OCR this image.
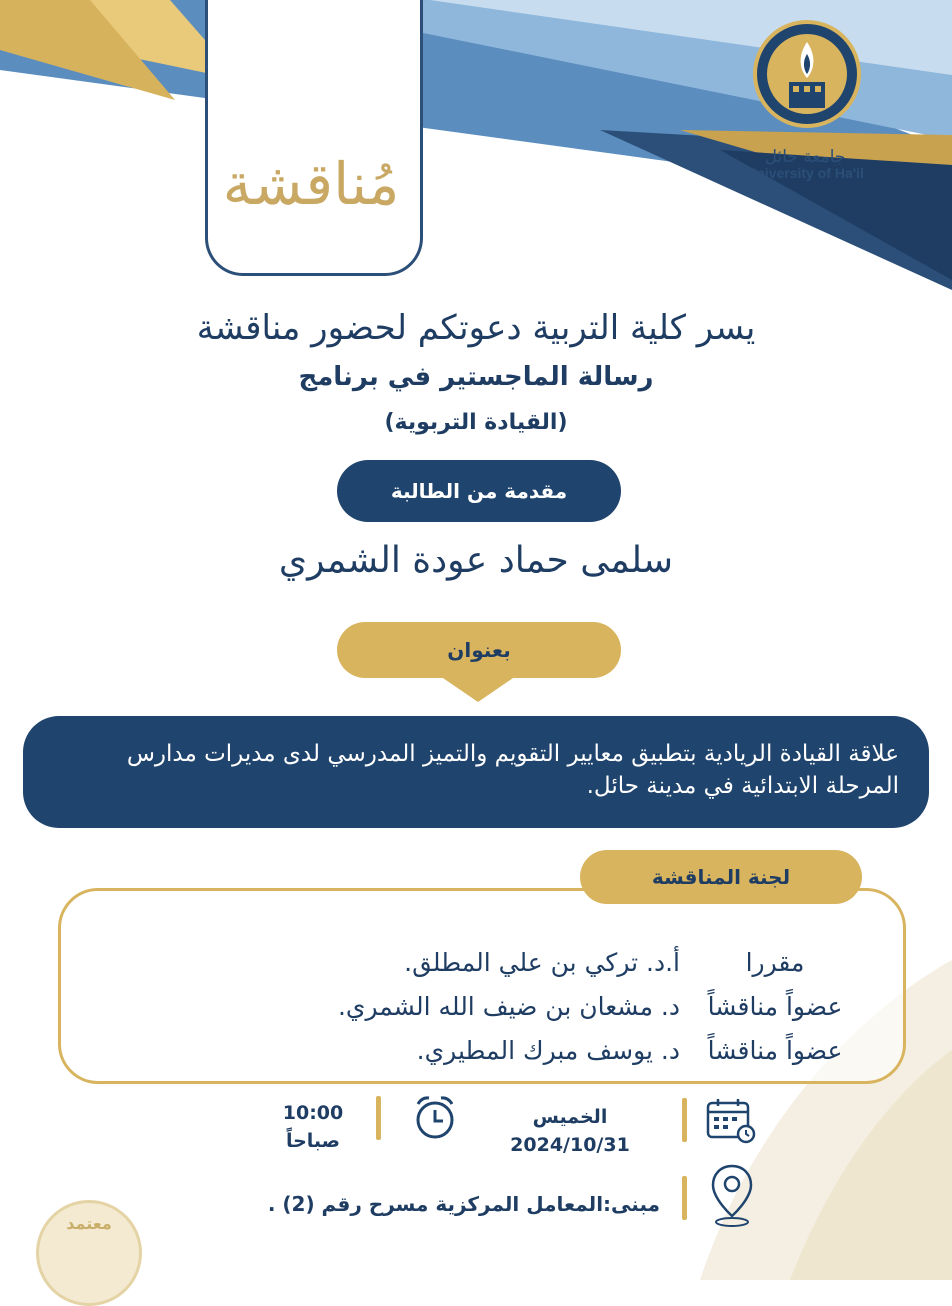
مُناقشة	جامعة حائل
University of Ha'il
يسر كلية التربية دعوتكم لحضور مناقشة
رسالة الماجستير في برنامج
(القيادة التربوية)
مقدمة من الطالبة
سلمى حماد عودة الشمري
بعنوان
علاقة القيادة الريادية بتطبيق معايير التقويم والتميز المدرسي لدى مديرات مدارس المرحلة الابتدائية في مدينة حائل.
لجنة المناقشة
مقررا
أ.د. تركي بن علي المطلق.
عضواً مناقشاً
د. مشعان بن ضيف الله الشمري.
عضواً مناقشاً
د. يوسف مبرك المطيري.
الخميس
2024/10/31
10:00
صباحاً
مبنى:المعامل المركزية مسرح رقم (2) .
معتمد
